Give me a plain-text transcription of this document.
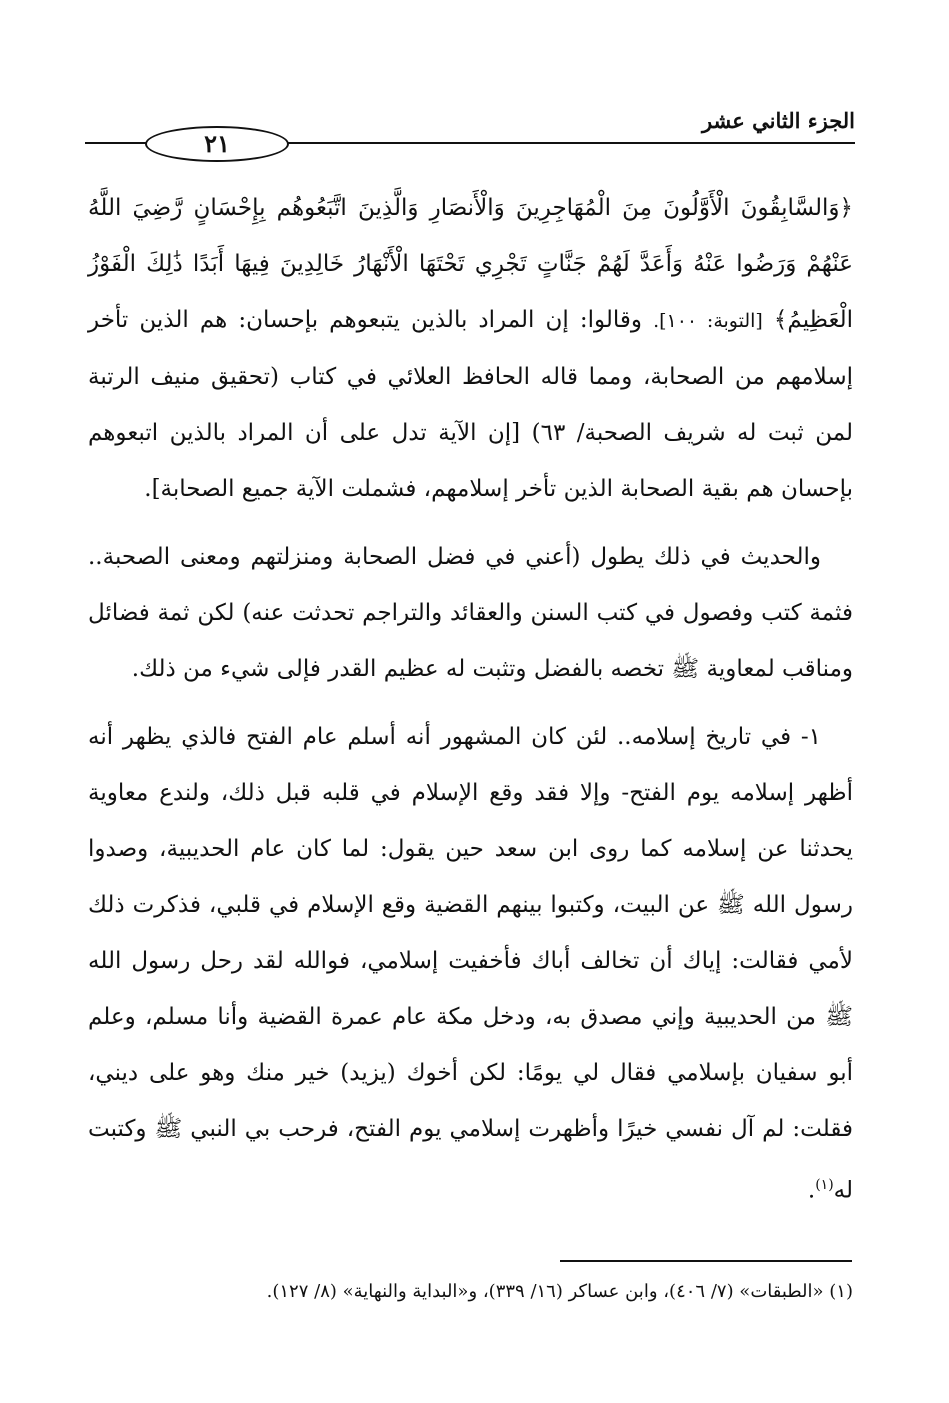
الجزء الثاني عشر
٢١

﴿وَالسَّابِقُونَ الْأَوَّلُونَ مِنَ الْمُهَاجِرِينَ وَالْأَنصَارِ وَالَّذِينَ اتَّبَعُوهُم بِإِحْسَانٍ رَّضِيَ اللَّهُ عَنْهُمْ وَرَضُوا عَنْهُ وَأَعَدَّ لَهُمْ جَنَّاتٍ تَجْرِي تَحْتَهَا الْأَنْهَارُ خَالِدِينَ فِيهَا أَبَدًا ذَٰلِكَ الْفَوْزُ الْعَظِيمُ﴾ [التوبة: ١٠٠]. وقالوا: إن المراد بالذين يتبعوهم بإحسان: هم الذين تأخر إسلامهم من الصحابة، ومما قاله الحافظ العلائي في كتاب (تحقيق منيف الرتبة لمن ثبت له شريف الصحبة/ ٦٣) [إن الآية تدل على أن المراد بالذين اتبعوهم بإحسان هم بقية الصحابة الذين تأخر إسلامهم، فشملت الآية جميع الصحابة].

والحديث في ذلك يطول (أعني في فضل الصحابة ومنزلتهم ومعنى الصحبة.. فثمة كتب وفصول في كتب السنن والعقائد والتراجم تحدثت عنه) لكن ثمة فضائل ومناقب لمعاوية ﷺ تخصه بالفضل وتثبت له عظيم القدر فإلى شيء من ذلك.

١- في تاريخ إسلامه.. لئن كان المشهور أنه أسلم عام الفتح فالذي يظهر أنه أظهر إسلامه يوم الفتح- وإلا فقد وقع الإسلام في قلبه قبل ذلك، ولندع معاوية يحدثنا عن إسلامه كما روى ابن سعد حين يقول: لما كان عام الحديبية، وصدوا رسول الله ﷺ عن البيت، وكتبوا بينهم القضية وقع الإسلام في قلبي، فذكرت ذلك لأمي فقالت: إياك أن تخالف أباك فأخفيت إسلامي، فوالله لقد رحل رسول الله ﷺ من الحديبية وإني مصدق به، ودخل مكة عام عمرة القضية وأنا مسلم، وعلم أبو سفيان بإسلامي فقال لي يومًا: لكن أخوك (يزيد) خير منك وهو على ديني، فقلت: لم آل نفسي خيرًا وأظهرت إسلامي يوم الفتح، فرحب بي النبي ﷺ وكتبت له$^{(١)}$.

(١) «الطبقات» (٧/ ٤٠٦)، وابن عساكر (١٦/ ٣٣٩)، و«البداية والنهاية» (٨/ ١٢٧).
